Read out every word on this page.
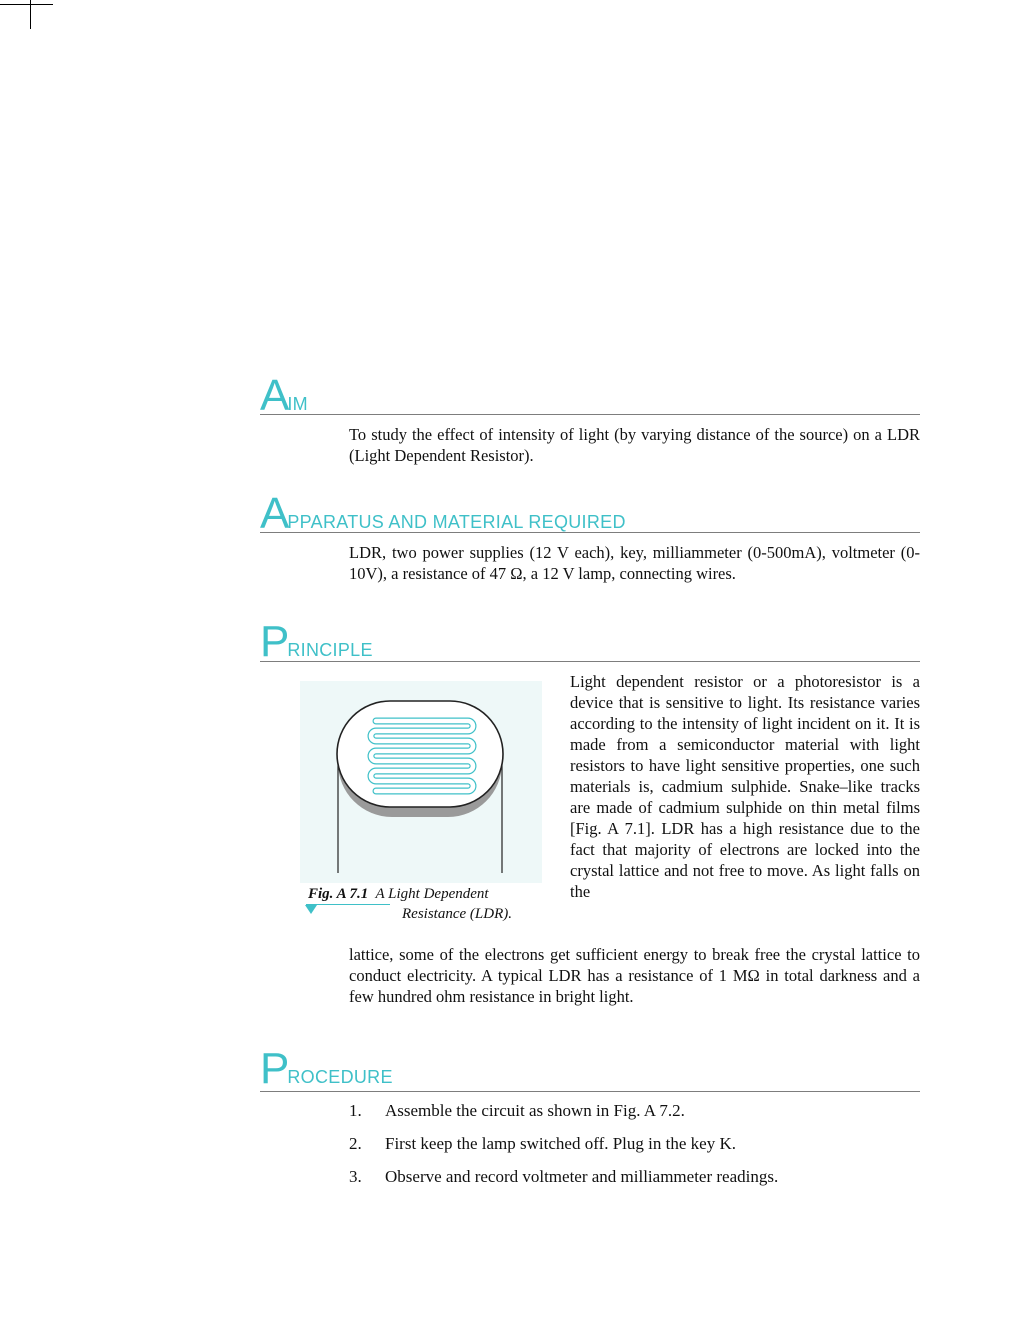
AIM

To study the effect of intensity of light (by varying distance of the source) on a LDR (Light Dependent Resistor).

APPARATUS AND MATERIAL REQUIRED

LDR, two power supplies (12 V each), key, milliammeter (0-500mA), voltmeter (0-10V), a resistance of 47 Ω, a 12 V lamp, connecting wires.

PRINCIPLE
Fig. A 7.1 A Light Dependent
Resistance (LDR).

Light dependent resistor or a photoresistor is a device that is sensitive to light. Its resistance varies according to the intensity of light incident on it. It is made from a semiconductor material with light resistors to have light sensitive properties, one such materials is, cadmium sulphide. Snake–like tracks are made of cadmium sulphide on thin metal films [Fig. A 7.1]. LDR has a high resistance due to the fact that majority of electrons are locked into the crystal lattice and not free to move. As light falls on the

lattice, some of the electrons get sufficient energy to break free the crystal lattice to conduct electricity. A typical LDR has a resistance of 1 MΩ in total darkness and a few hundred ohm resistance in bright light.

PROCEDURE
1. Assemble the circuit as shown in Fig. A 7.2.
2. First keep the lamp switched off. Plug in the key K.
3. Observe and record voltmeter and milliammeter readings.
